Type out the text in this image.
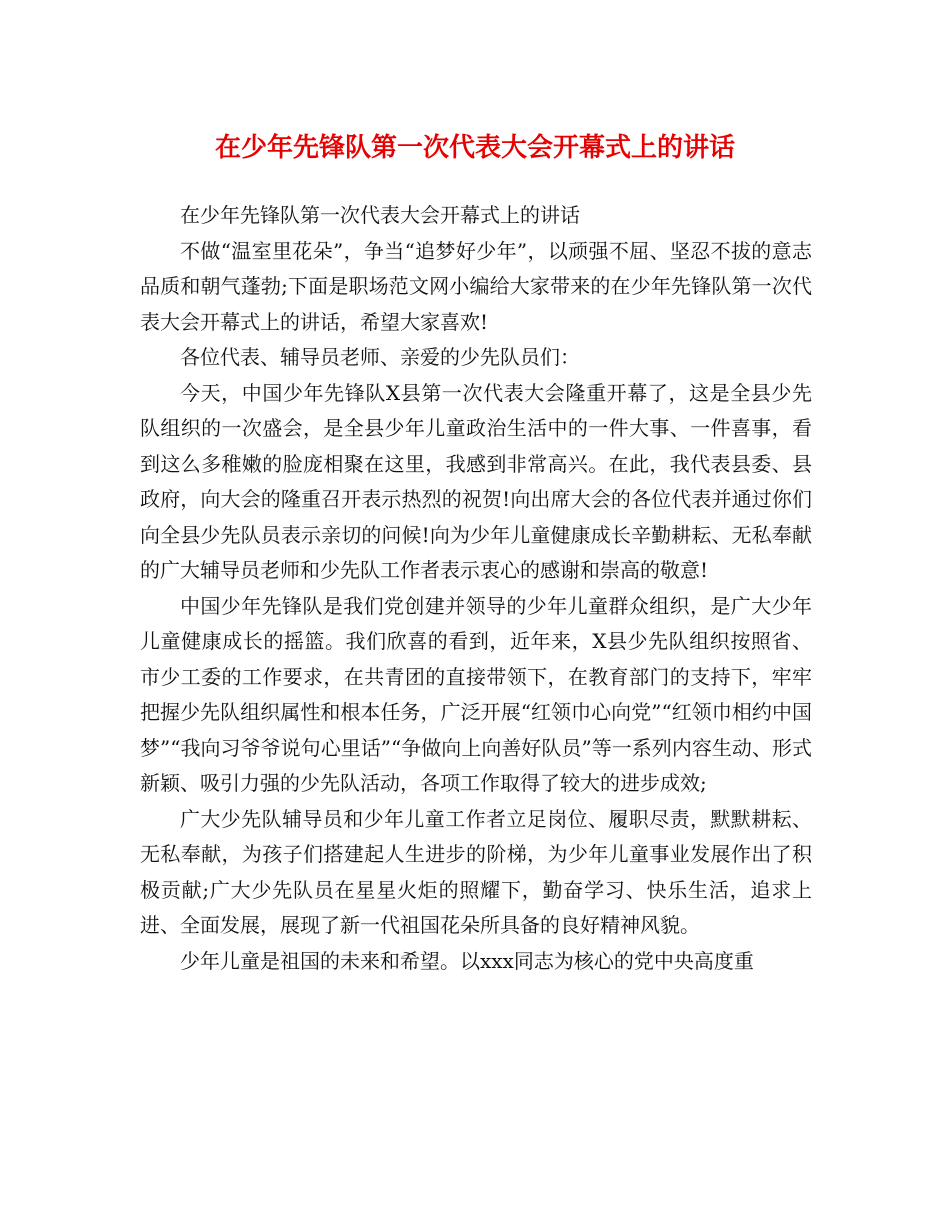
在少年先锋队第一次代表大会开幕式上的讲话

在少年先锋队第一次代表大会开幕式上的讲话

不做“温室里花朵”，争当“追梦好少年”，以顽强不屈、坚忍不拔的意志品质和朝气蓬勃;下面是职场范文网小编给大家带来的在少年先锋队第一次代表大会开幕式上的讲话，希望大家喜欢!

各位代表、辅导员老师、亲爱的少先队员们：

今天，中国少年先锋队X县第一次代表大会隆重开幕了，这是全县少先队组织的一次盛会，是全县少年儿童政治生活中的一件大事、一件喜事，看到这么多稚嫩的脸庞相聚在这里，我感到非常高兴。在此，我代表县委、县政府，向大会的隆重召开表示热烈的祝贺!向出席大会的各位代表并通过你们向全县少先队员表示亲切的问候!向为少年儿童健康成长辛勤耕耘、无私奉献的广大辅导员老师和少先队工作者表示衷心的感谢和崇高的敬意!

中国少年先锋队是我们党创建并领导的少年儿童群众组织，是广大少年儿童健康成长的摇篮。我们欣喜的看到，近年来，X县少先队组织按照省、市少工委的工作要求，在共青团的直接带领下，在教育部门的支持下，牢牢把握少先队组织属性和根本任务，广泛开展“红领巾心向党”“红领巾相约中国梦”“我向习爷爷说句心里话”“争做向上向善好队员”等一系列内容生动、形式新颖、吸引力强的少先队活动，各项工作取得了较大的进步成效;

广大少先队辅导员和少年儿童工作者立足岗位、履职尽责，默默耕耘、无私奉献，为孩子们搭建起人生进步的阶梯，为少年儿童事业发展作出了积极贡献;广大少先队员在星星火炬的照耀下，勤奋学习、快乐生活，追求上进、全面发展，展现了新一代祖国花朵所具备的良好精神风貌。

少年儿童是祖国的未来和希望。以xxx同志为核心的党中央高度重
